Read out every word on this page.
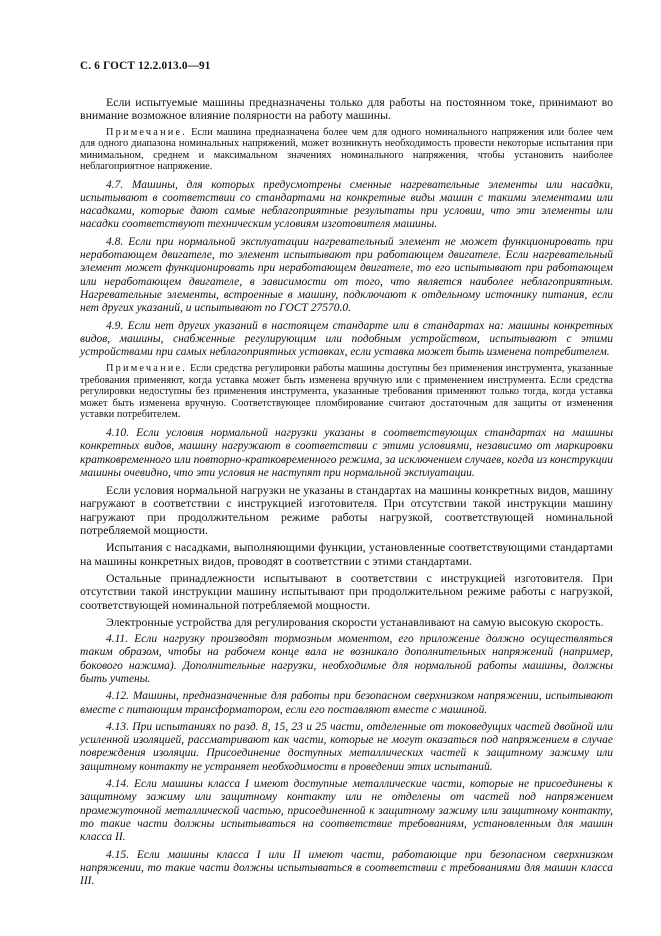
С. 6 ГОСТ 12.2.013.0—91

Если испытуемые машины предназначены только для работы на постоянном токе, принимают во внимание возможное влияние полярности на работу машины.

Примечание. Если машина предназначена более чем для одного номинального напряжения или более чем для одного диапазона номинальных напряжений, может возникнуть необходимость провести некоторые испытания при минимальном, среднем и максимальном значениях номинального напряжения, чтобы установить наиболее неблагоприятное напряжение.

4.7. Машины, для которых предусмотрены сменные нагревательные элементы или насадки, испытывают в соответствии со стандартами на конкретные виды машин с такими элементами или насадками, которые дают самые неблагоприятные результаты при условии, что эти элементы или насадки соответствуют техническим условиям изготовителя машины.

4.8. Если при нормальной эксплуатации нагревательный элемент не может функционировать при неработающем двигателе, то элемент испытывают при работающем двигателе. Если нагревательный элемент может функционировать при неработающем двигателе, то его испытывают при работающем или неработающем двигателе, в зависимости от того, что является наиболее неблагоприятным. Нагревательные элементы, встроенные в машину, подключают к отдельному источнику питания, если нет других указаний, и испытывают по ГОСТ 27570.0.

4.9. Если нет других указаний в настоящем стандарте или в стандартах на: машины конкретных видов, машины, снабженные регулирующим или подобным устройством, испытывают с этими устройствами при самых неблагоприятных уставках, если уставка может быть изменена потребителем.

Примечание. Если средства регулировки работы машины доступны без применения инструмента, указанные требования применяют, когда уставка может быть изменена вручную или с применением инструмента. Если средства регулировки недоступны без применения инструмента, указанные требования применяют только тогда, когда уставка может быть изменена вручную. Соответствующее пломбирование считают достаточным для защиты от изменения уставки потребителем.

4.10. Если условия нормальной нагрузки указаны в соответствующих стандартах на машины конкретных видов, машину нагружают в соответствии с этими условиями, независимо от маркировки кратковременного или повторно-кратковременного режима, за исключением случаев, когда из конструкции машины очевидно, что эти условия не наступят при нормальной эксплуатации.

Если условия нормальной нагрузки не указаны в стандартах на машины конкретных видов, машину нагружают в соответствии с инструкцией изготовителя. При отсутствии такой инструкции машину нагружают при продолжительном режиме работы нагрузкой, соответствующей номинальной потребляемой мощности.

Испытания с насадками, выполняющими функции, установленные соответствующими стандартами на машины конкретных видов, проводят в соответствии с этими стандартами.

Остальные принадлежности испытывают в соответствии с инструкцией изготовителя. При отсутствии такой инструкции машину испытывают при продолжительном режиме работы с нагрузкой, соответствующей номинальной потребляемой мощности.

Электронные устройства для регулирования скорости устанавливают на самую высокую скорость.

4.11. Если нагрузку производят тормозным моментом, его приложение должно осуществляться таким образом, чтобы на рабочем конце вала не возникало дополнительных напряжений (например, бокового нажима). Дополнительные нагрузки, необходимые для нормальной работы машины, должны быть учтены.

4.12. Машины, предназначенные для работы при безопасном сверхнизком напряжении, испытывают вместе с питающим трансформатором, если его поставляют вместе с машиной.

4.13. При испытаниях по разд. 8, 15, 23 и 25 части, отделенные от токоведущих частей двойной или усиленной изоляцией, рассматривают как части, которые не могут оказаться под напряжением в случае повреждения изоляции. Присоединение доступных металлических частей к защитному зажиму или защитному контакту не устраняет необходимости в проведении этих испытаний.

4.14. Если машины класса I имеют доступные металлические части, которые не присоединены к защитному зажиму или защитному контакту или не отделены от частей под напряжением промежуточной металлической частью, присоединенной к защитному зажиму или защитному контакту, то такие части должны испытываться на соответствие требованиям, установленным для машин класса II.

4.15. Если машины класса I или II имеют части, работающие при безопасном сверхнизком напряжении, то такие части должны испытываться в соответствии с требованиями для машин класса III.
